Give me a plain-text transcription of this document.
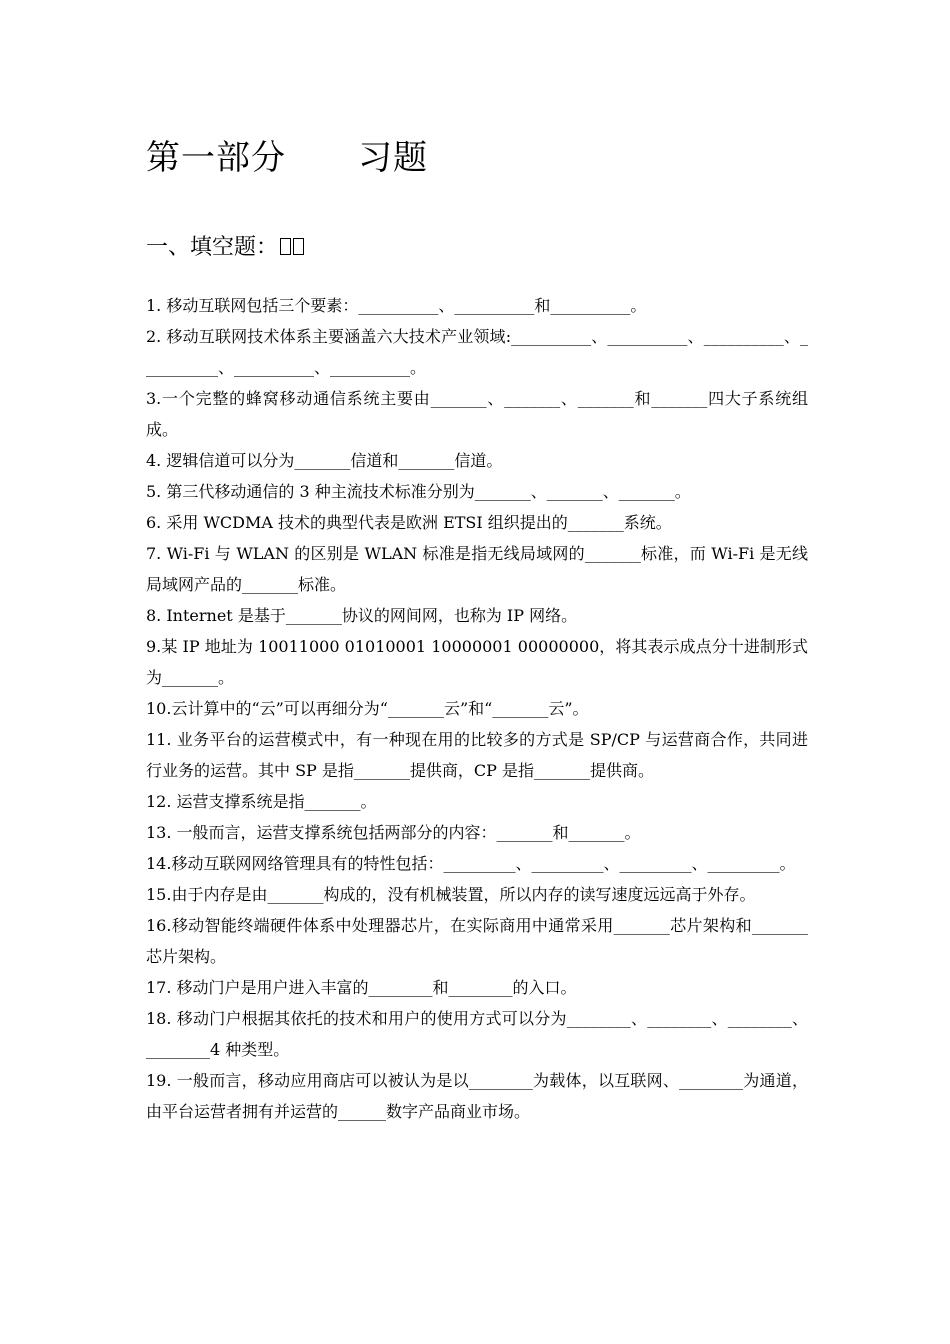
第一部分 习题
一、填空题：

1. 移动互联网包括三个要素：__________、__________和__________。

2. 移动互联网技术体系主要涵盖六大技术产业领域:__________、__________、__________、__________、__________、__________。

3.一个完整的蜂窝移动通信系统主要由_______、_______、_______和_______四大子系统组成。

4. 逻辑信道可以分为_______信道和_______信道。

5. 第三代移动通信的 3 种主流技术标准分别为_______、_______、_______。

6. 采用 WCDMA 技术的典型代表是欧洲 ETSI 组织提出的_______系统。

7. Wi-Fi 与 WLAN 的区别是 WLAN 标准是指无线局域网的_______标准，而 Wi-Fi 是无线局域网产品的_______标准。

8. Internet 是基于_______协议的网间网，也称为 IP 网络。

9.某 IP 地址为 10011000 01010001 10000001 00000000，将其表示成点分十进制形式为_______。

10.云计算中的“云”可以再细分为“_______云”和“_______云”。

11. 业务平台的运营模式中，有一种现在用的比较多的方式是 SP/CP 与运营商合作，共同进行业务的运营。其中 SP 是指_______提供商，CP 是指_______提供商。

12. 运营支撑系统是指_______。

13. 一般而言，运营支撑系统包括两部分的内容：_______和_______。

14.移动互联网网络管理具有的特性包括：_________、_________、_________、_________。

15.由于内存是由_______构成的，没有机械装置，所以内存的读写速度远远高于外存。

16.移动智能终端硬件体系中处理器芯片，在实际商用中通常采用_______芯片架构和_______芯片架构。

17. 移动门户是用户进入丰富的________和________的入口。

18. 移动门户根据其依托的技术和用户的使用方式可以分为________、________、________、________4 种类型。

19. 一般而言，移动应用商店可以被认为是以________为载体，以互联网、________为通道，由平台运营者拥有并运营的______数字产品商业市场。
